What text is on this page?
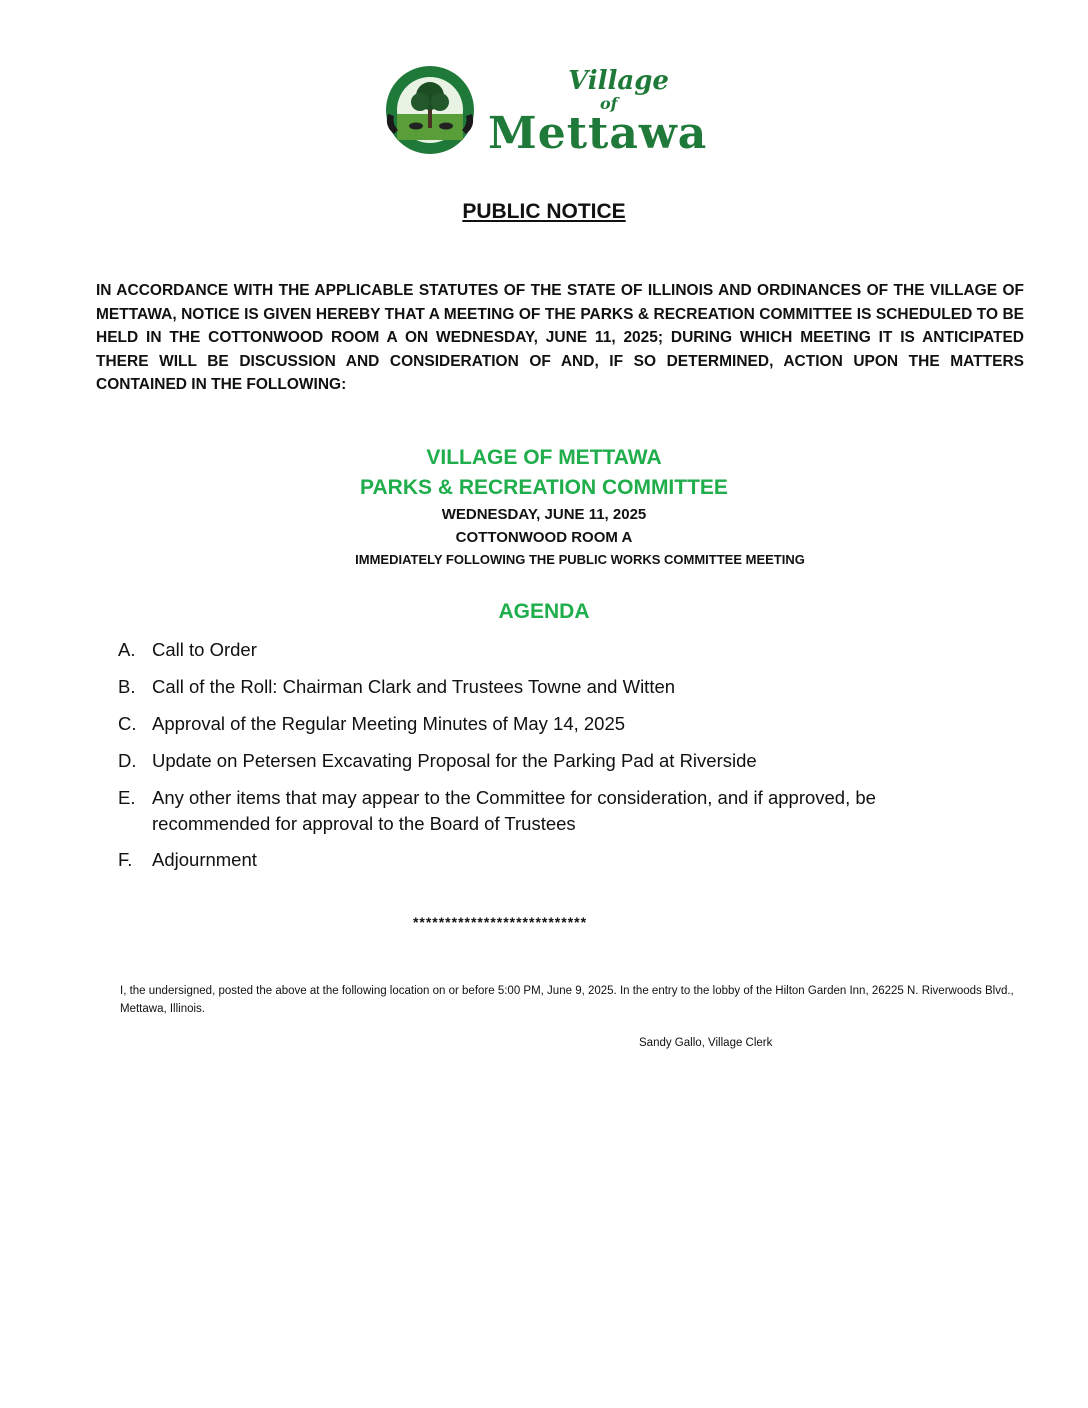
Village
of
Mettawa
PUBLIC NOTICE

IN ACCORDANCE WITH THE APPLICABLE STATUTES OF THE STATE OF ILLINOIS AND ORDINANCES OF THE VILLAGE OF METTAWA, NOTICE IS GIVEN HEREBY THAT A MEETING OF THE PARKS & RECREATION COMMITTEE IS SCHEDULED TO BE HELD IN THE COTTONWOOD ROOM A ON WEDNESDAY, JUNE 11, 2025; DURING WHICH MEETING IT IS ANTICIPATED THERE WILL BE DISCUSSION AND CONSIDERATION OF AND, IF SO DETERMINED, ACTION UPON THE MATTERS CONTAINED IN THE FOLLOWING:

VILLAGE OF METTAWA
PARKS & RECREATION COMMITTEE
WEDNESDAY, JUNE 11, 2025
COTTONWOOD ROOM A
IMMEDIATELY FOLLOWING THE PUBLIC WORKS COMMITTEE MEETING
AGENDA
A. Call to Order
B. Call of the Roll: Chairman Clark and Trustees Towne and Witten
C. Approval of the Regular Meeting Minutes of May 14, 2025
D. Update on Petersen Excavating Proposal for the Parking Pad at Riverside
E. Any other items that may appear to the Committee for consideration, and if approved, be recommended for approval to the Board of Trustees
F.	Adjournment
***************************

I, the undersigned, posted the above at the following location on or before 5:00 PM, June 9, 2025. In the entry to the lobby of the Hilton Garden Inn, 26225 N. Riverwoods Blvd., Mettawa, Illinois.

Sandy Gallo, Village Clerk
